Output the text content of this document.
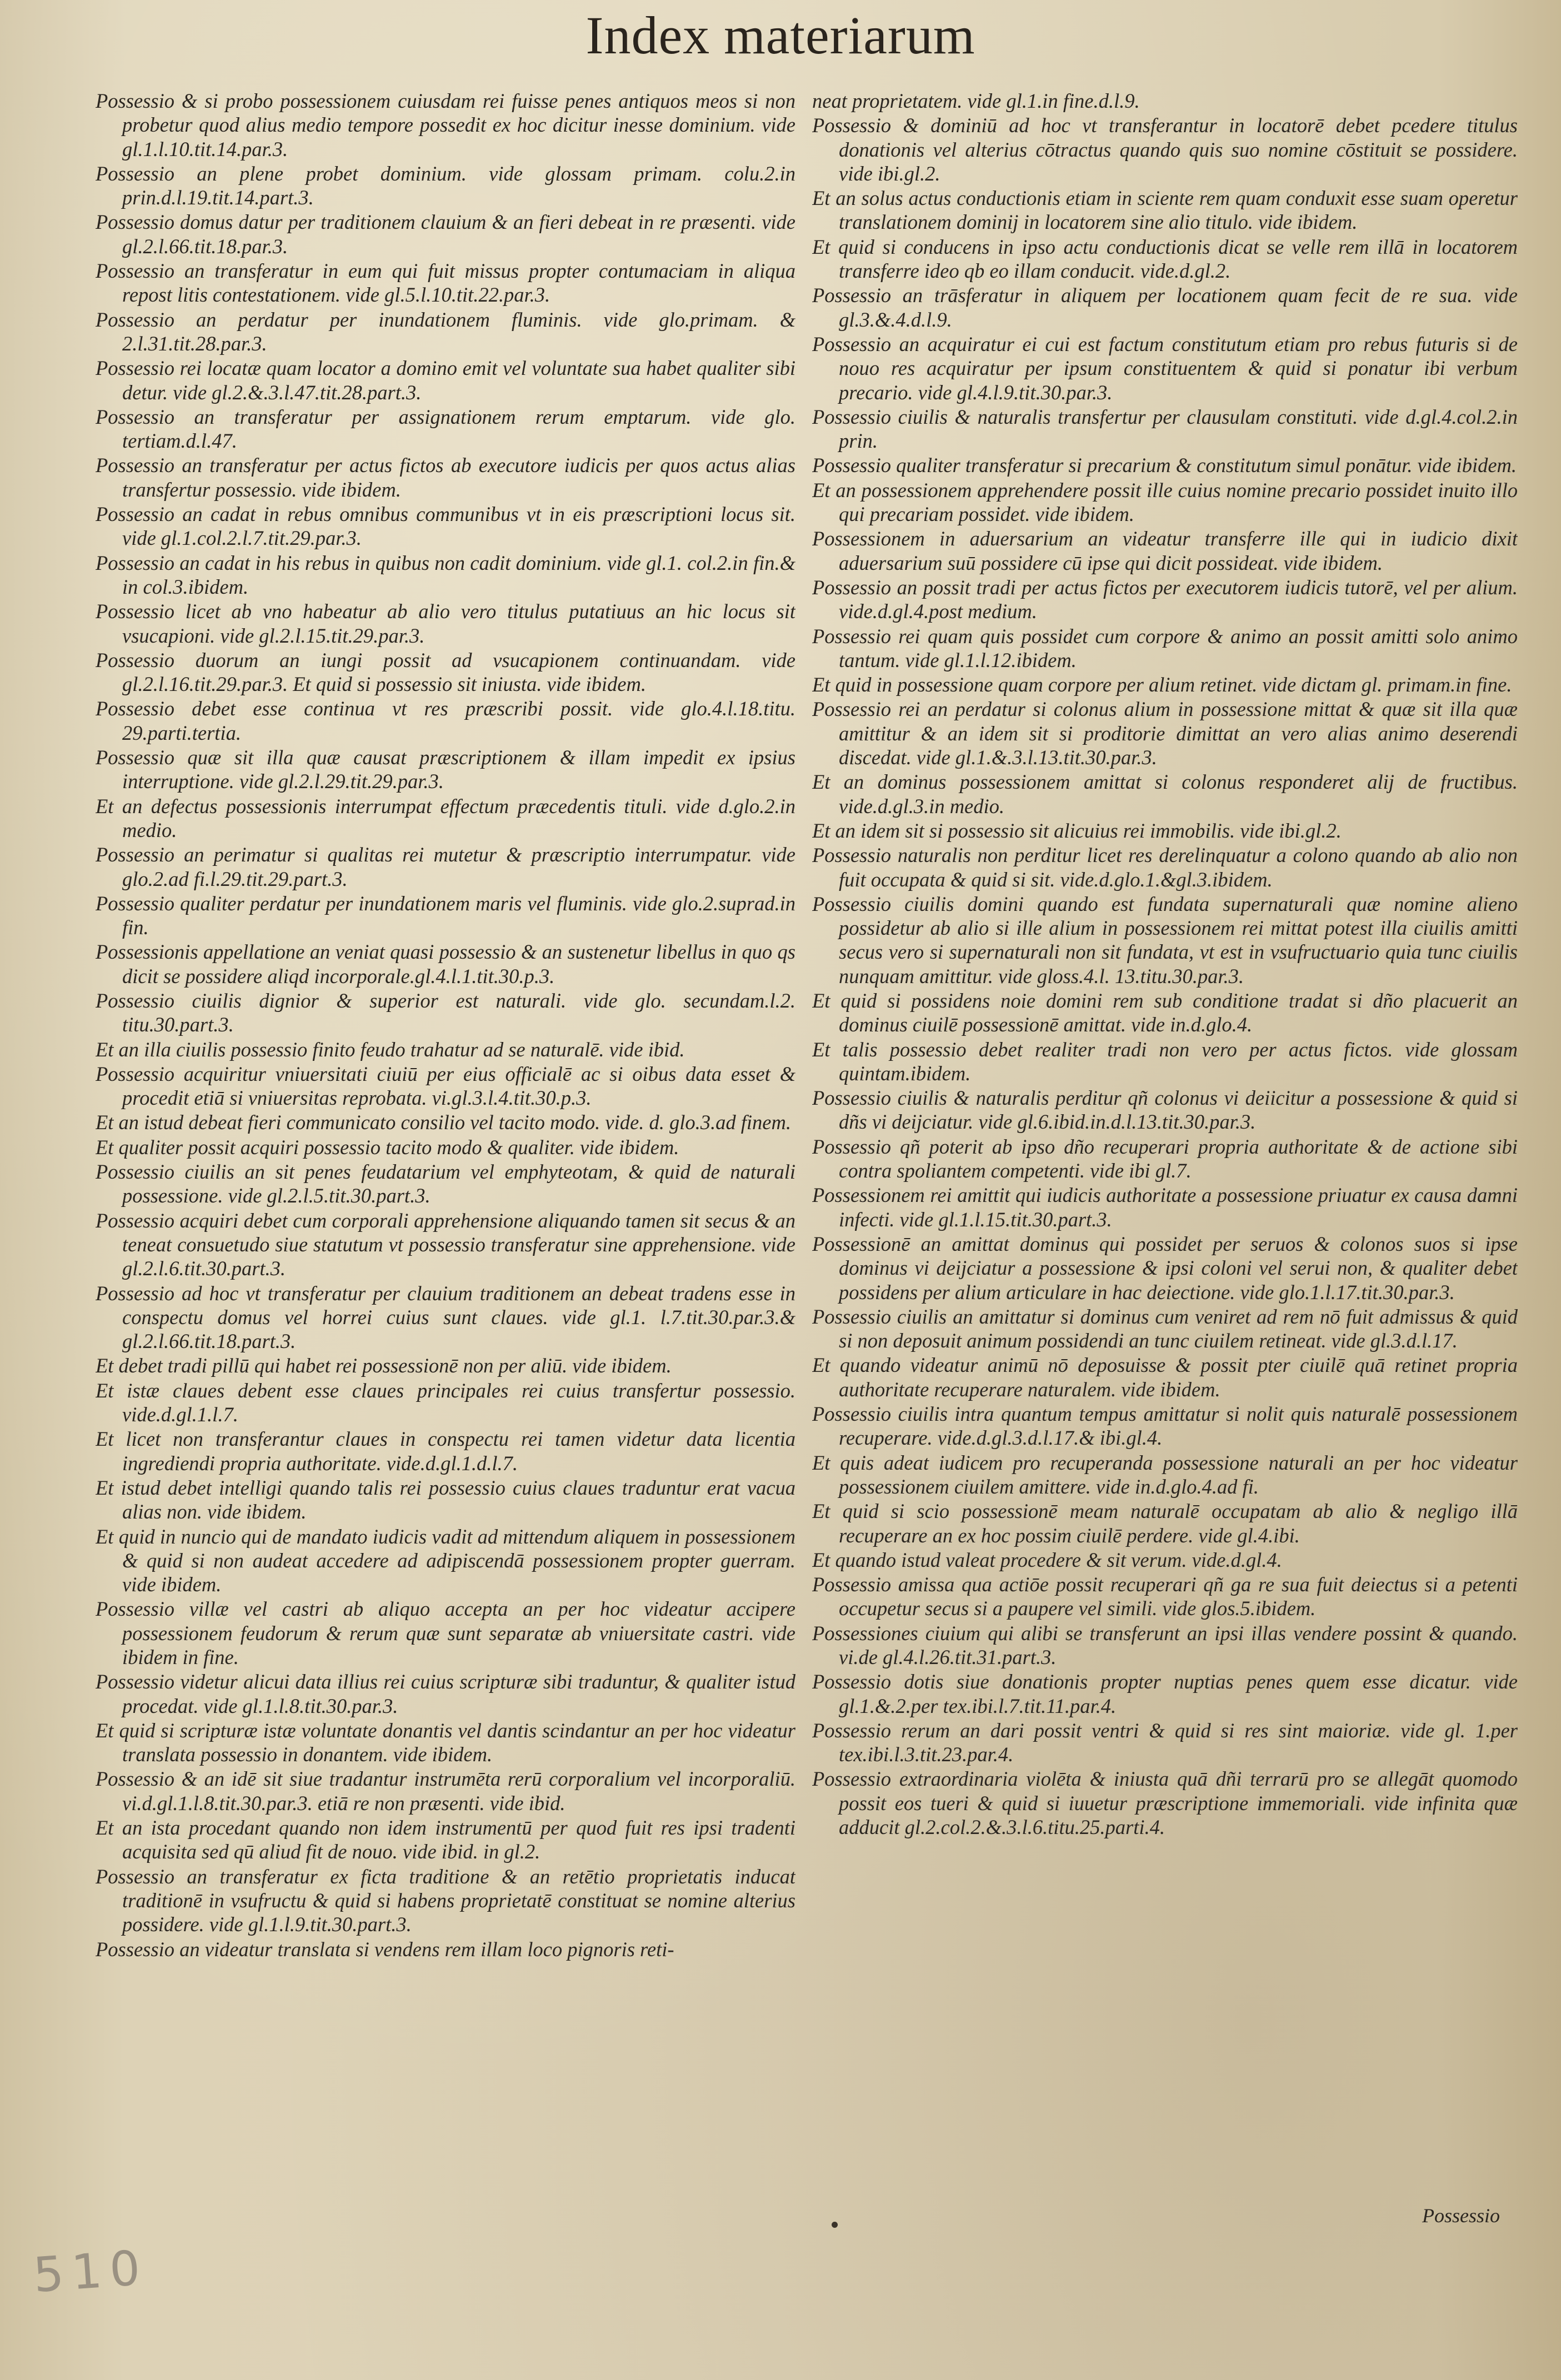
Index materiarum

Possessio & si probo possessionem cuiusdam rei fuisse penes antiquos meos si non probetur quod alius medio tempore possedit ex hoc dicitur inesse dominium. vide gl.1.l.10.tit.14.par.3.

Possessio an plene probet dominium. vide glossam primam. colu.2.in prin.d.l.19.tit.14.part.3.

Possessio domus datur per traditionem clauium & an fieri debeat in re præsenti. vide gl.2.l.66.tit.18.par.3.

Possessio an transferatur in eum qui fuit missus propter contumaciam in aliqua repost litis contestationem. vide gl.5.l.10.tit.22.par.3.

Possessio an perdatur per inundationem fluminis. vide glo.primam. & 2.l.31.tit.28.par.3.

Possessio rei locatæ quam locator a domino emit vel voluntate sua habet qualiter sibi detur. vide gl.2.&.3.l.47.tit.28.part.3.

Possessio an transferatur per assignationem rerum emptarum. vide glo. tertiam.d.l.47.

Possessio an transferatur per actus fictos ab executore iudicis per quos actus alias transfertur possessio. vide ibidem.

Possessio an cadat in rebus omnibus communibus vt in eis præscriptioni locus sit. vide gl.1.col.2.l.7.tit.29.par.3.

Possessio an cadat in his rebus in quibus non cadit dominium. vide gl.1. col.2.in fin.& in col.3.ibidem.

Possessio licet ab vno habeatur ab alio vero titulus putatiuus an hic locus sit vsucapioni. vide gl.2.l.15.tit.29.par.3.

Possessio duorum an iungi possit ad vsucapionem continuandam. vide gl.2.l.16.tit.29.par.3. Et quid si possessio sit iniusta. vide ibidem.

Possessio debet esse continua vt res præscribi possit. vide glo.4.l.18.titu. 29.parti.tertia.

Possessio quæ sit illa quæ causat præscriptionem & illam impedit ex ipsius interruptione. vide gl.2.l.29.tit.29.par.3.

Et an defectus possessionis interrumpat effectum præcedentis tituli. vide d.glo.2.in medio.

Possessio an perimatur si qualitas rei mutetur & præscriptio interrumpatur. vide glo.2.ad fi.l.29.tit.29.part.3.

Possessio qualiter perdatur per inundationem maris vel fluminis. vide glo.2.suprad.in fin.

Possessionis appellatione an veniat quasi possessio & an sustenetur libellus in quo qs dicit se possidere aliqd incorporale.gl.4.l.1.tit.30.p.3.

Possessio ciuilis dignior & superior est naturali. vide glo. secundam.l.2. titu.30.part.3.

Et an illa ciuilis possessio finito feudo trahatur ad se naturalē. vide ibid.

Possessio acquiritur vniuersitati ciuiū per eius officialē ac si oibus data esset & procedit etiā si vniuersitas reprobata. vi.gl.3.l.4.tit.30.p.3.

Et an istud debeat fieri communicato consilio vel tacito modo. vide. d. glo.3.ad finem.

Et qualiter possit acquiri possessio tacito modo & qualiter. vide ibidem.

Possessio ciuilis an sit penes feudatarium vel emphyteotam, & quid de naturali possessione. vide gl.2.l.5.tit.30.part.3.

Possessio acquiri debet cum corporali apprehensione aliquando tamen sit secus & an teneat consuetudo siue statutum vt possessio transferatur sine apprehensione. vide gl.2.l.6.tit.30.part.3.

Possessio ad hoc vt transferatur per clauium traditionem an debeat tradens esse in conspectu domus vel horrei cuius sunt claues. vide gl.1. l.7.tit.30.par.3.& gl.2.l.66.tit.18.part.3.

Et debet tradi pillū qui habet rei possessionē non per aliū. vide ibidem.

Et istæ claues debent esse claues principales rei cuius transfertur possessio. vide.d.gl.1.l.7.

Et licet non transferantur claues in conspectu rei tamen videtur data licentia ingrediendi propria authoritate. vide.d.gl.1.d.l.7.

Et istud debet intelligi quando talis rei possessio cuius claues traduntur erat vacua alias non. vide ibidem.

Et quid in nuncio qui de mandato iudicis vadit ad mittendum aliquem in possessionem & quid si non audeat accedere ad adipiscendā possessionem propter guerram. vide ibidem.

Possessio villæ vel castri ab aliquo accepta an per hoc videatur accipere possessionem feudorum & rerum quæ sunt separatæ ab vniuersitate castri. vide ibidem in fine.

Possessio videtur alicui data illius rei cuius scripturæ sibi traduntur, & qualiter istud procedat. vide gl.1.l.8.tit.30.par.3.

Et quid si scripturæ istæ voluntate donantis vel dantis scindantur an per hoc videatur translata possessio in donantem. vide ibidem.

Possessio & an idē sit siue tradantur instrumēta rerū corporalium vel incorporaliū. vi.d.gl.1.l.8.tit.30.par.3. etiā re non præsenti. vide ibid.

Et an ista procedant quando non idem instrumentū per quod fuit res ipsi tradenti acquisita sed qū aliud fit de nouo. vide ibid. in gl.2.

Possessio an transferatur ex ficta traditione & an retētio proprietatis inducat traditionē in vsufructu & quid si habens proprietatē constituat se nomine alterius possidere. vide gl.1.l.9.tit.30.part.3.

Possessio an videatur translata si vendens rem illam loco pignoris reti-

neat proprietatem. vide gl.1.in fine.d.l.9.

Possessio & dominiū ad hoc vt transferantur in locatorē debet pcedere titulus donationis vel alterius cōtractus quando quis suo nomine cōstituit se possidere. vide ibi.gl.2.

Et an solus actus conductionis etiam in sciente rem quam conduxit esse suam operetur translationem dominij in locatorem sine alio titulo. vide ibidem.

Et quid si conducens in ipso actu conductionis dicat se velle rem illā in locatorem transferre ideo qb eo illam conducit. vide.d.gl.2.

Possessio an trāsferatur in aliquem per locationem quam fecit de re sua. vide gl.3.&.4.d.l.9.

Possessio an acquiratur ei cui est factum constitutum etiam pro rebus futuris si de nouo res acquiratur per ipsum constituentem & quid si ponatur ibi verbum precario. vide gl.4.l.9.tit.30.par.3.

Possessio ciuilis & naturalis transfertur per clausulam constituti. vide d.gl.4.col.2.in prin.

Possessio qualiter transferatur si precarium & constitutum simul ponātur. vide ibidem.

Et an possessionem apprehendere possit ille cuius nomine precario possidet inuito illo qui precariam possidet. vide ibidem.

Possessionem in aduersarium an videatur transferre ille qui in iudicio dixit aduersarium suū possidere cū ipse qui dicit possideat. vide ibidem.

Possessio an possit tradi per actus fictos per executorem iudicis tutorē, vel per alium. vide.d.gl.4.post medium.

Possessio rei quam quis possidet cum corpore & animo an possit amitti solo animo tantum. vide gl.1.l.12.ibidem.

Et quid in possessione quam corpore per alium retinet. vide dictam gl. primam.in fine.

Possessio rei an perdatur si colonus alium in possessione mittat & quæ sit illa quæ amittitur & an idem sit si proditorie dimittat an vero alias animo deserendi discedat. vide gl.1.&.3.l.13.tit.30.par.3.

Et an dominus possessionem amittat si colonus responderet alij de fructibus. vide.d.gl.3.in medio.

Et an idem sit si possessio sit alicuius rei immobilis. vide ibi.gl.2.

Possessio naturalis non perditur licet res derelinquatur a colono quando ab alio non fuit occupata & quid si sit. vide.d.glo.1.&gl.3.ibidem.

Possessio ciuilis domini quando est fundata supernaturali quæ nomine alieno possidetur ab alio si ille alium in possessionem rei mittat potest illa ciuilis amitti secus vero si supernaturali non sit fundata, vt est in vsufructuario quia tunc ciuilis nunquam amittitur. vide gloss.4.l. 13.titu.30.par.3.

Et quid si possidens noie domini rem sub conditione tradat si dño placuerit an dominus ciuilē possessionē amittat. vide in.d.glo.4.

Et talis possessio debet realiter tradi non vero per actus fictos. vide glossam quintam.ibidem.

Possessio ciuilis & naturalis perditur qñ colonus vi deiicitur a possessione & quid si dñs vi deijciatur. vide gl.6.ibid.in.d.l.13.tit.30.par.3.

Possessio qñ poterit ab ipso dño recuperari propria authoritate & de actione sibi contra spoliantem competenti. vide ibi gl.7.

Possessionem rei amittit qui iudicis authoritate a possessione priuatur ex causa damni infecti. vide gl.1.l.15.tit.30.part.3.

Possessionē an amittat dominus qui possidet per seruos & colonos suos si ipse dominus vi deijciatur a possessione & ipsi coloni vel serui non, & qualiter debet possidens per alium articulare in hac deiectione. vide glo.1.l.17.tit.30.par.3.

Possessio ciuilis an amittatur si dominus cum veniret ad rem nō fuit admissus & quid si non deposuit animum possidendi an tunc ciuilem retineat. vide gl.3.d.l.17.

Et quando videatur animū nō deposuisse & possit pter ciuilē quā retinet propria authoritate recuperare naturalem. vide ibidem.

Possessio ciuilis intra quantum tempus amittatur si nolit quis naturalē possessionem recuperare. vide.d.gl.3.d.l.17.& ibi.gl.4.

Et quis adeat iudicem pro recuperanda possessione naturali an per hoc videatur possessionem ciuilem amittere. vide in.d.glo.4.ad fi.

Et quid si scio possessionē meam naturalē occupatam ab alio & negligo illā recuperare an ex hoc possim ciuilē perdere. vide gl.4.ibi.

Et quando istud valeat procedere & sit verum. vide.d.gl.4.

Possessio amissa qua actiōe possit recuperari qñ ga re sua fuit deiectus si a petenti occupetur secus si a paupere vel simili. vide glos.5.ibidem.

Possessiones ciuium qui alibi se transferunt an ipsi illas vendere possint & quando. vi.de gl.4.l.26.tit.31.part.3.

Possessio dotis siue donationis propter nuptias penes quem esse dicatur. vide gl.1.&.2.per tex.ibi.l.7.tit.11.par.4.

Possessio rerum an dari possit ventri & quid si res sint maioriæ. vide gl. 1.per tex.ibi.l.3.tit.23.par.4.

Possessio extraordinaria violēta & iniusta quā dñi terrarū pro se allegāt quomodo possit eos tueri & quid si iuuetur præscriptione immemoriali. vide infinita quæ adducit gl.2.col.2.&.3.l.6.titu.25.parti.4.

Possessio
510
